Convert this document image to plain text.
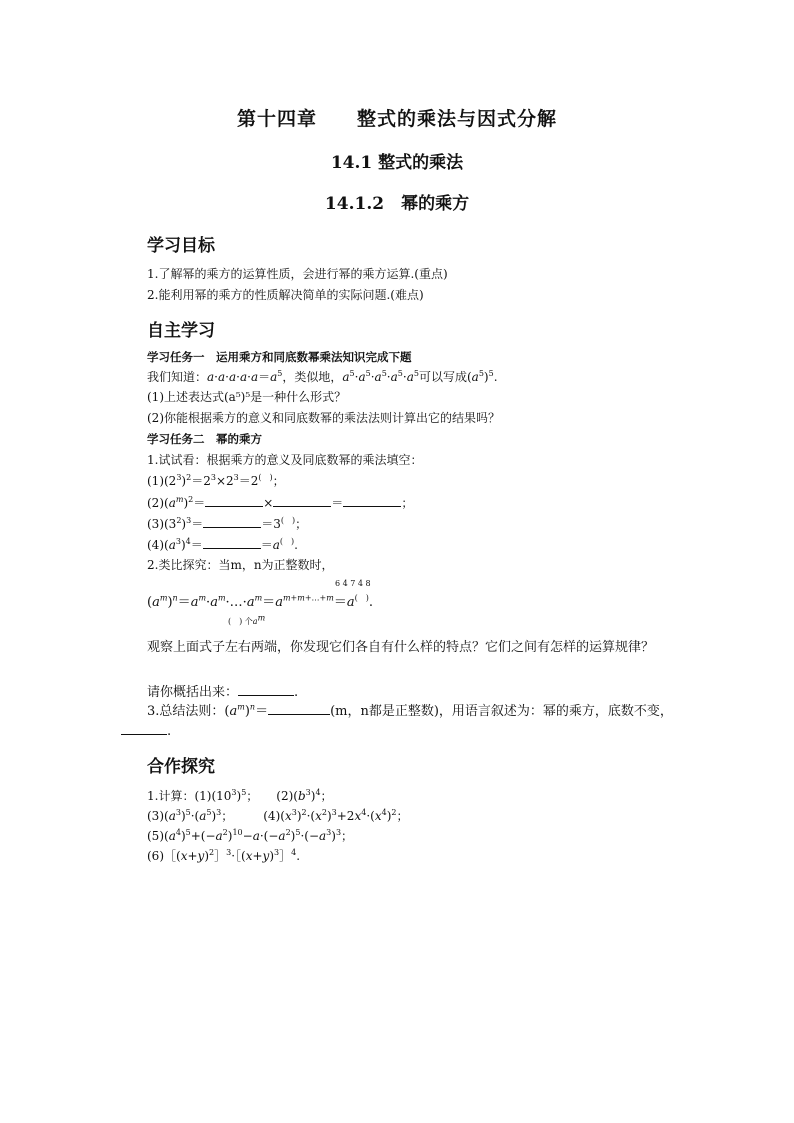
第十四章　　整式的乘法与因式分解
14.1 整式的乘法
14.1.2　幂的乘方
学习目标
1.了解幂的乘方的运算性质，会进行幂的乘方运算.(重点)
2.能利用幂的乘方的性质解决简单的实际问题.(难点)
自主学习
学习任务一　运用乘方和同底数幂乘法知识完成下题
我们知道：$a\cdot a\cdot a\cdot a\cdot a=a^5$，类似地，$a^5\cdot a^5\cdot a^5\cdot a^5\cdot a^5$可以写成$(a^5)^5$.
(1)上述表达式(a⁵)⁵是一种什么形式？
(2)你能根据乘方的意义和同底数幂的乘法法则计算出它的结果吗？
学习任务二　幂的乘方
1.试试看：根据乘方的意义及同底数幂的乘法填空：
$(1)(2^3)^2=2^3\times 2^3=2^{( )}$；
$(2)(a^m)^2=$	×	＝	；
$(3)(3^2)^3=$	＝3(　)；
$(4)(a^3)^4=$	＝a(　).
2.类比探究：当m，n为正整数时，
6 4 7 4 8
$(a^m)^n=a^m\cdot a^m\cdot\dots\cdot a^m=a^{m+m+\dots+m}=a^{( )}$.
(　) 个$a^m$
观察上面式子左右两端，你发现它们各自有什么样的特点？它们之间有怎样的运算规律？
请你概括出来：	.
3.总结法则：$(a^m)^n=$	(m，n都是正整数)，用语言叙述为：幂的乘方，底数不变，.
合作探究
1.计算：$(1)(10^3)^5$；　　$(2)(b^3)^4$；
$(3)(a^3)^5\cdot(a^5)^3$；　　　$(4)(x^3)^2\cdot(x^2)^3+2x^4\cdot(x^4)^2$；
$(5)(a^4)^5+(-a^2)^{10}-a\cdot(-a^2)^5\cdot(-a^3)^3$；
$(6)[(x+y)^2]^3\cdot[(x+y)^3]^4$.
